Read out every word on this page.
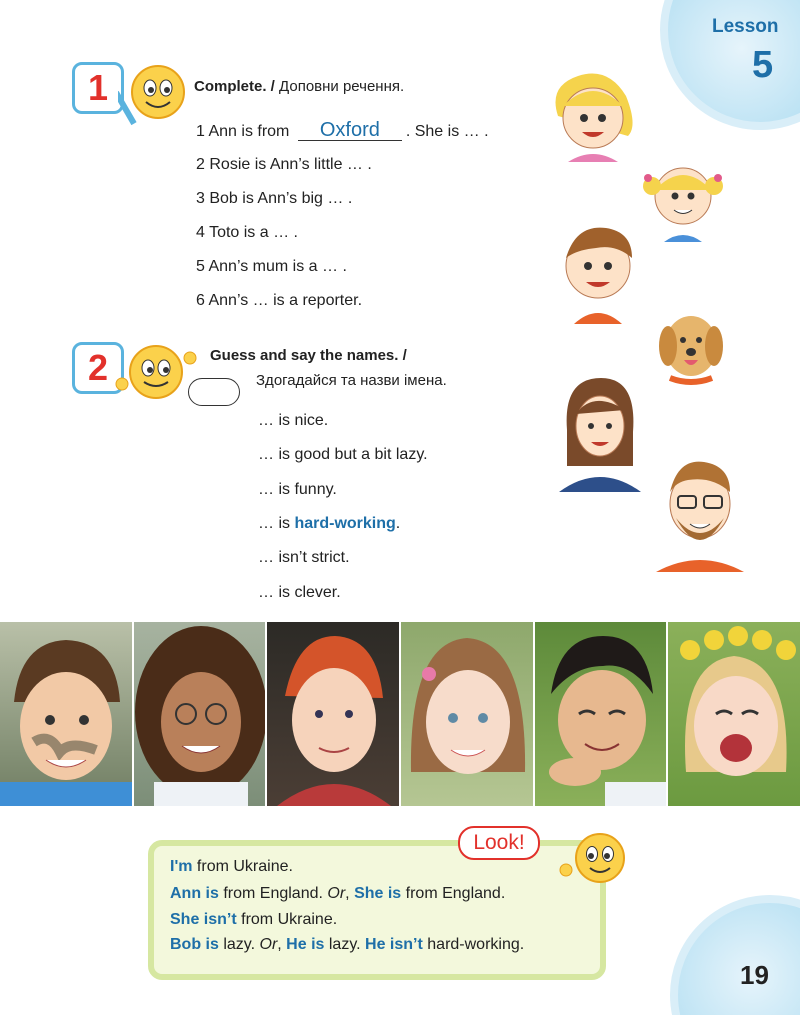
Lesson
5
1	Complete. / Доповни речення.
1 Ann is from Oxford . She is … .
2 Rosie is Ann’s little … .
3 Bob is Ann’s big … .
4 Toto is a … .
5 Ann’s mum is a … .
6 Ann’s … is a reporter.
2	Guess and say the names. /
Здогадайся та назви імена.
… is nice.
… is good but a bit lazy.
… is funny.
… is hard-working.
… isn’t strict.
… is clever.
Look!
I'm from Ukraine.
Ann is from England. Or, She is from England.
She isn’t from Ukraine.
Bob is lazy. Or, He is lazy. He isn’t hard-working.
19
